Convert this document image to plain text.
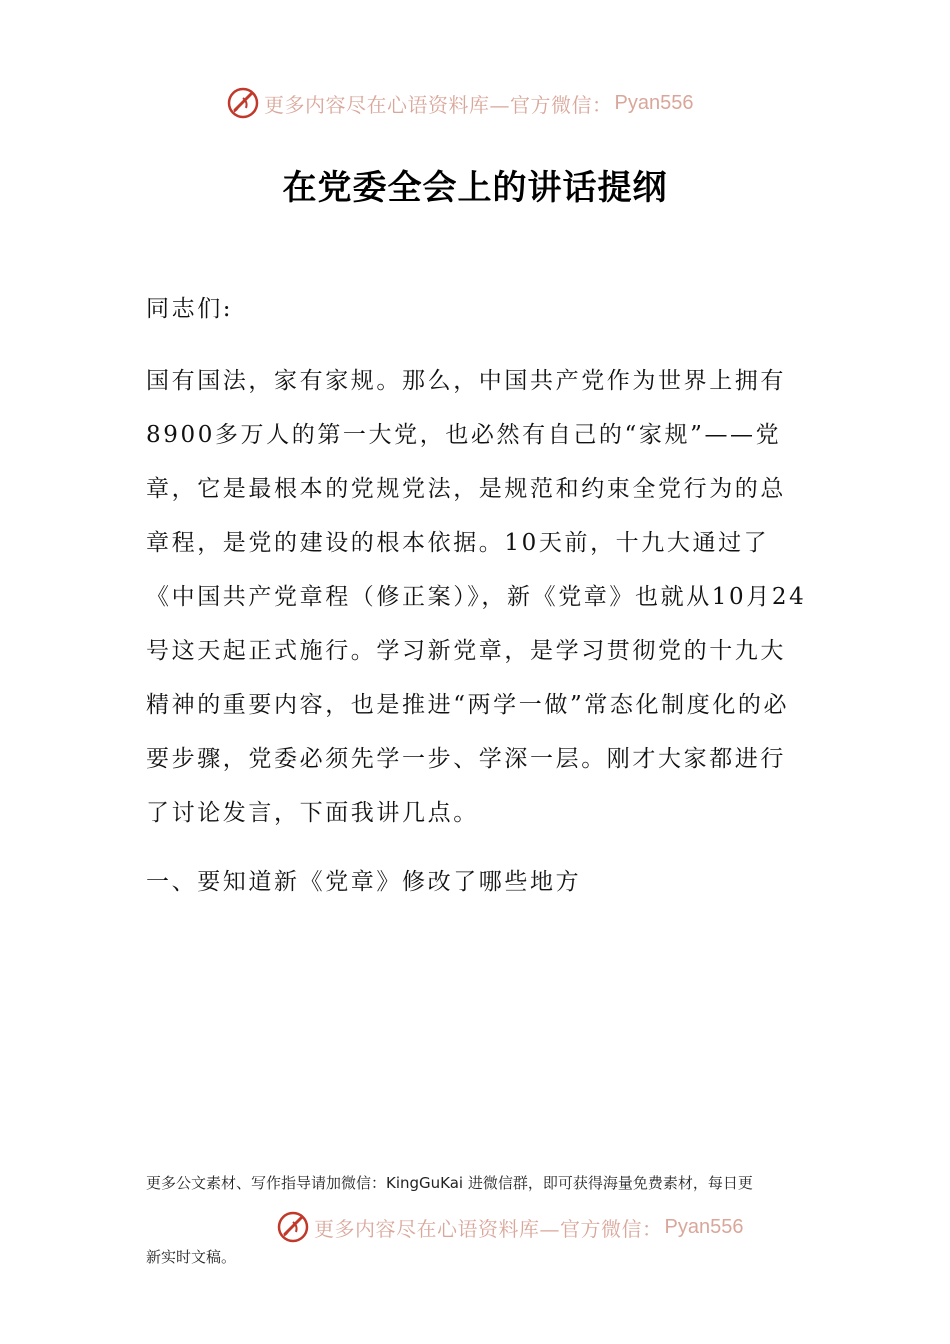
更多内容尽在心语资料库—官方微信： Pyan556
在党委全会上的讲话提纲

同志们:

国有国法，家有家规。那么，中国共产党作为世界上拥有8900多万人的第一大党，也必然有自己的“家规”——党章，它是最根本的党规党法，是规范和约束全党行为的总章程，是党的建设的根本依据。10天前，十九大通过了《中国共产党章程（修正案）》，新《党章》也就从10月24号这天起正式施行。学习新党章，是学习贯彻党的十九大精神的重要内容，也是推进“两学一做”常态化制度化的必要步骤，党委必须先学一步、学深一层。刚才大家都进行了讨论发言，下面我讲几点。

一、要知道新《党章》修改了哪些地方

更多公文素材、写作指导请加微信：KingGuKai 进微信群，即可获得海量免费素材，每日更

更多内容尽在心语资料库—官方微信： Pyan556

新实时文稿。
